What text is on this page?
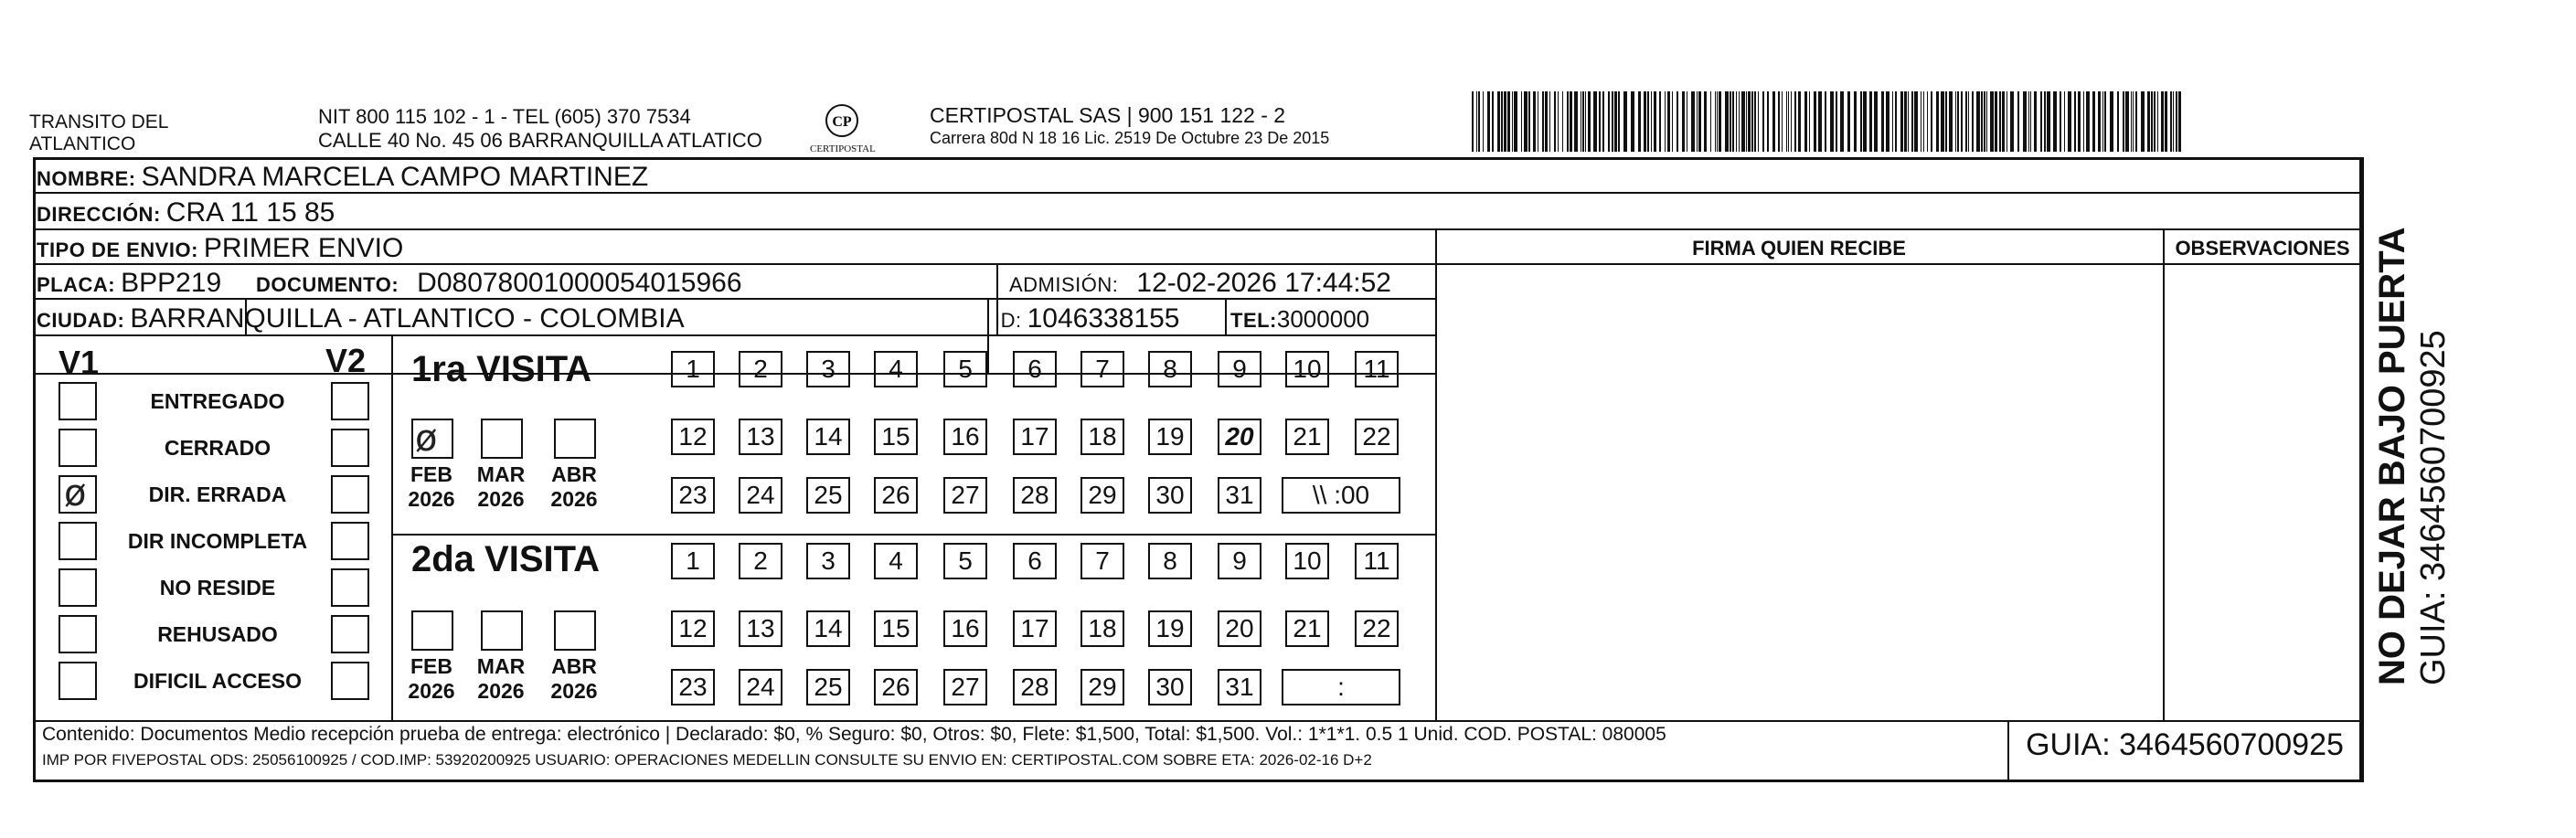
TRANSITO DEL
ATLANTICO
NIT 800 115 102 - 1 - TEL (605) 370 7534
CALLE 40 No. 45 06 BARRANQUILLA ATLATICO
CP
CERTIPOSTAL
CERTIPOSTAL SAS | 900 151 122 - 2
Carrera 80d N 18 16 Lic. 2519 De Octubre 23 De 2015
NOMBRE: SANDRA MARCELA CAMPO MARTINEZ
DIRECCIÓN: CRA 11 15 85
TIPO DE ENVIO: PRIMER ENVIO
PLACA: BPP219 DOCUMENTO: D08078001000054015966	ADMISIÓN: 12-02-2026 17:44:52
CIUDAD: BARRANQUILLA - ATLANTICO - COLOMBIA	ID: 1046338155	TEL: 3000000
FIRMA QUIEN RECIBE	OBSERVACIONES
V1	V2 1ra VISITA
2da VISITA
Contenido: Documentos Medio recepción prueba de entrega: electrónico | Declarado: $0, % Seguro: $0, Otros: $0, Flete: $1,500, Total: $1,500. Vol.: 1*1*1. 0.5 1 Unid. COD. POSTAL: 080005
IMP POR FIVEPOSTAL ODS: 25056100925 / COD.IMP: 53920200925 USUARIO: OPERACIONES MEDELLIN CONSULTE SU ENVIO EN: CERTIPOSTAL.COM SOBRE ETA: 2026-02-16 D+2	GUIA: 3464560700925
NO DEJAR BAJO PUERTA GUIA: 3464560700925
ENTREGADO
CERRADO
DIR. ERRADA
ø
DIR INCOMPLETA
NO RESIDE
REHUSADO
DIFICIL ACCESO
FEB
2026
ø
MAR
2026
ABR
2026
1	2	3	4	5	6	7	8	9	10	11
12	13	14	15	16	17	18	19	20	21	22
23	24	25	26	27	28	29	30	31	\\ :00
FEB
2026
MAR
2026
ABR
2026
1	2	3	4	5	6	7	8	9	10	11
12	13	14	15	16	17	18	19	20	21	22
23	24	25	26	27	28	29	30	31	:
